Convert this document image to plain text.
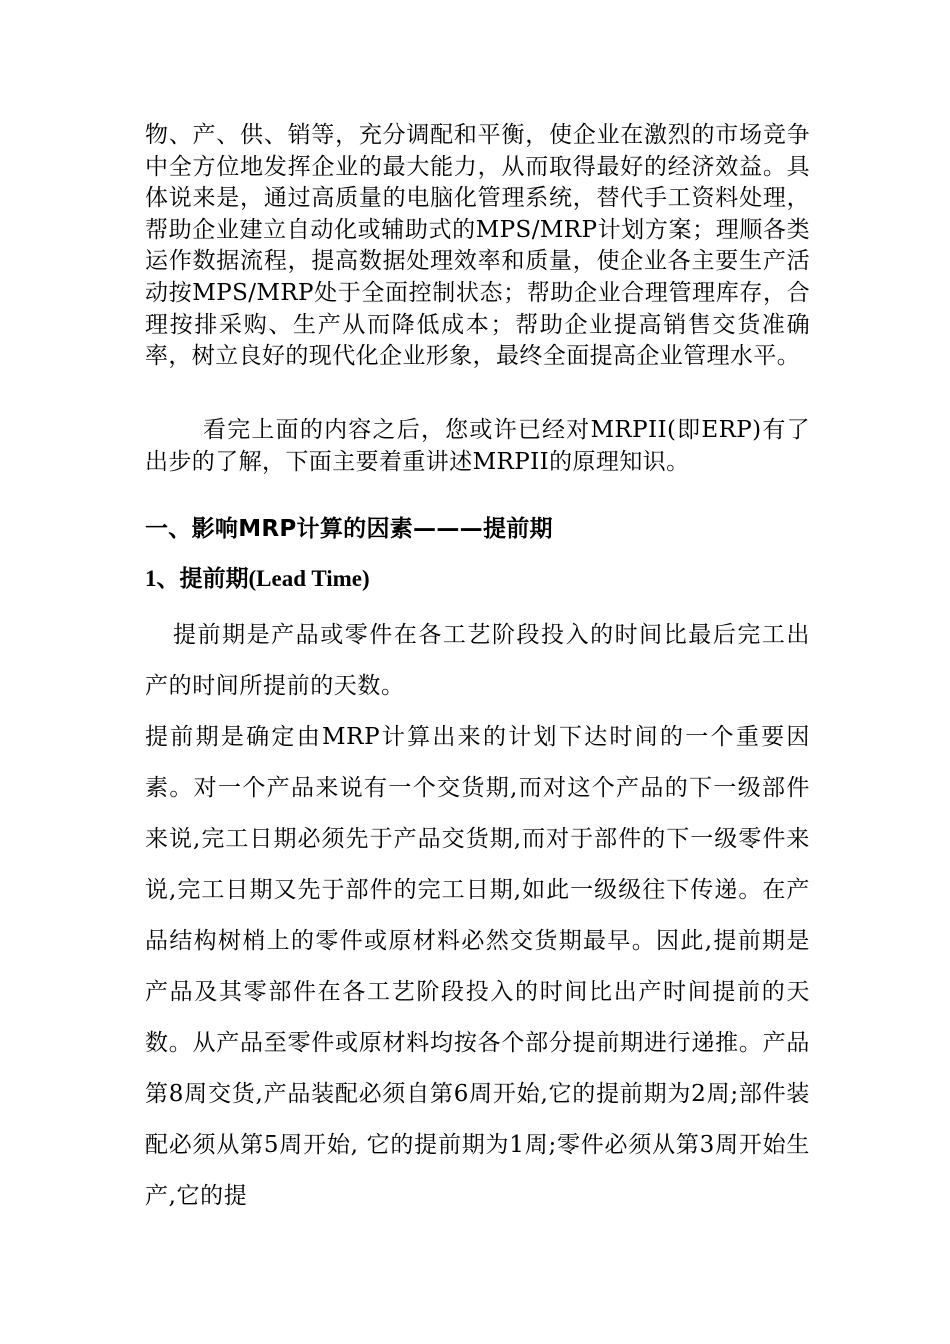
物、产、供、销等，充分调配和平衡，使企业在激烈的市场竞争中全方位地发挥企业的最大能力，从而取得最好的经济效益。具体说来是，通过高质量的电脑化管理系统，替代手工资料处理，帮助企业建立自动化或辅助式的MPS/MRP计划方案；理顺各类运作数据流程，提高数据处理效率和质量，使企业各主要生产活动按MPS/MRP处于全面控制状态；帮助企业合理管理库存，合理按排采购、生产从而降低成本；帮助企业提高销售交货准确率，树立良好的现代化企业形象，最终全面提高企业管理水平。

看完上面的内容之后，您或许已经对MRPII(即ERP)有了出步的了解，下面主要着重讲述MRPII的原理知识。

一、影响MRP计算的因素———提前期
1、提前期(Lead Time)

提前期是产品或零件在各工艺阶段投入的时间比最后完工出产的时间所提前的天数。

提前期是确定由MRP计算出来的计划下达时间的一个重要因素。对一个产品来说有一个交货期,而对这个产品的下一级部件来说,完工日期必须先于产品交货期,而对于部件的下一级零件来说,完工日期又先于部件的完工日期,如此一级级往下传递。在产品结构树梢上的零件或原材料必然交货期最早。因此,提前期是产品及其零部件在各工艺阶段投入的时间比出产时间提前的天数。从产品至零件或原材料均按各个部分提前期进行递推。产品第8周交货,产品装配必须自第6周开始,它的提前期为2周;部件装配必须从第5周开始, 它的提前期为1周;零件必须从第3周开始生产,它的提
